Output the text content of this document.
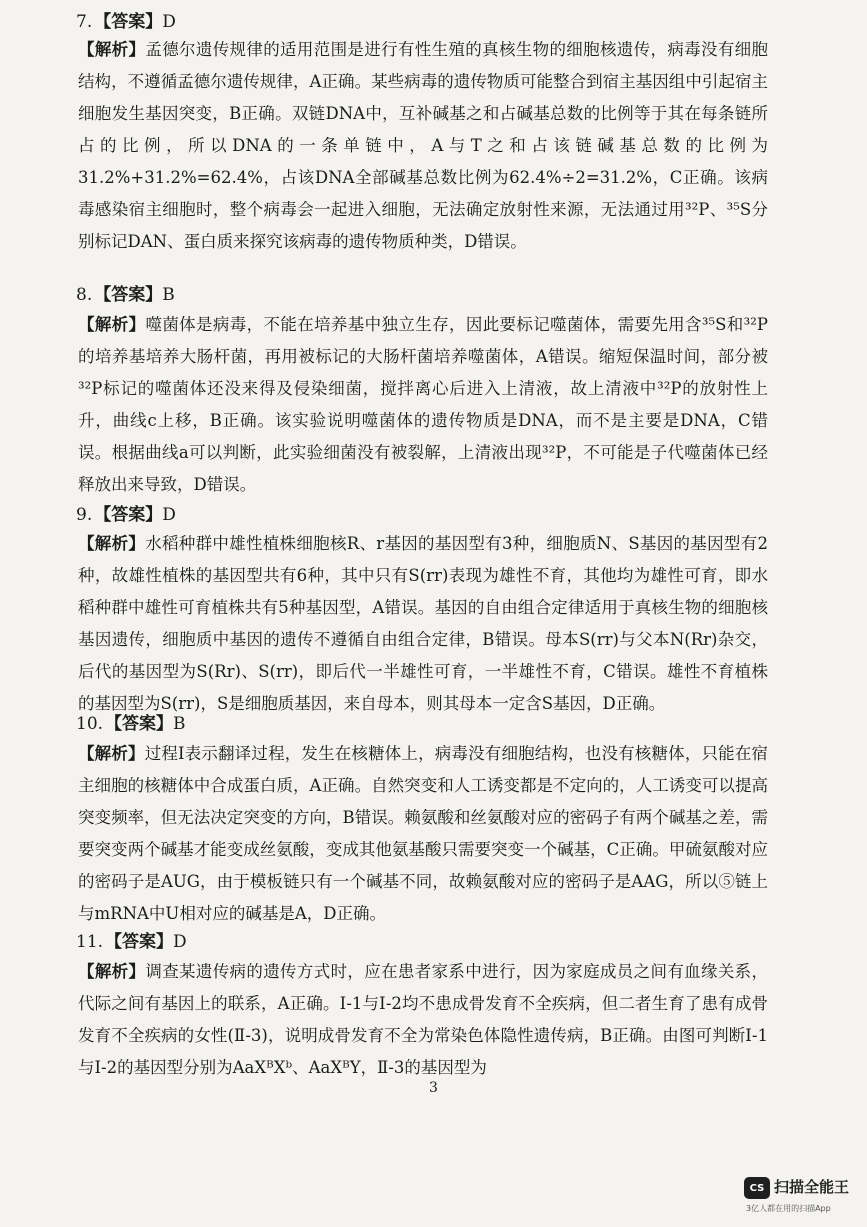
7. 【答案】D
【解析】孟德尔遗传规律的适用范围是进行有性生殖的真核生物的细胞核遗传，病毒没有细胞结构，不遵循孟德尔遗传规律，A正确。某些病毒的遗传物质可能整合到宿主基因组中引起宿主细胞发生基因突变，B正确。双链DNA中，互补碱基之和占碱基总数的比例等于其在每条链所占的比例，所以DNA的一条单链中，A与T之和占该链碱基总数的比例为31.2%+31.2%=62.4%，占该DNA全部碱基总数比例为62.4%÷2=31.2%，C正确。该病毒感染宿主细胞时，整个病毒会一起进入细胞，无法确定放射性来源，无法通过用³²P、³⁵S分别标记DAN、蛋白质来探究该病毒的遗传物质种类，D错误。
8. 【答案】B
【解析】噬菌体是病毒，不能在培养基中独立生存，因此要标记噬菌体，需要先用含³⁵S和³²P的培养基培养大肠杆菌，再用被标记的大肠杆菌培养噬菌体，A错误。缩短保温时间，部分被³²P标记的噬菌体还没来得及侵染细菌，搅拌离心后进入上清液，故上清液中³²P的放射性上升，曲线c上移，B正确。该实验说明噬菌体的遗传物质是DNA，而不是主要是DNA，C错误。根据曲线a可以判断，此实验细菌没有被裂解，上清液出现³²P，不可能是子代噬菌体已经释放出来导致，D错误。
9. 【答案】D
【解析】水稻种群中雄性植株细胞核R、r基因的基因型有3种，细胞质N、S基因的基因型有2种，故雄性植株的基因型共有6种，其中只有S(rr)表现为雄性不育，其他均为雄性可育，即水稻种群中雄性可育植株共有5种基因型，A错误。基因的自由组合定律适用于真核生物的细胞核基因遗传，细胞质中基因的遗传不遵循自由组合定律，B错误。母本S(rr)与父本N(Rr)杂交，后代的基因型为S(Rr)、S(rr)，即后代一半雄性可育，一半雄性不育，C错误。雄性不育植株的基因型为S(rr)，S是细胞质基因，来自母本，则其母本一定含S基因，D正确。
10. 【答案】B
【解析】过程Ⅰ表示翻译过程，发生在核糖体上，病毒没有细胞结构，也没有核糖体，只能在宿主细胞的核糖体中合成蛋白质，A正确。自然突变和人工诱变都是不定向的，人工诱变可以提高突变频率，但无法决定突变的方向，B错误。赖氨酸和丝氨酸对应的密码子有两个碱基之差，需要突变两个碱基才能变成丝氨酸，变成其他氨基酸只需要突变一个碱基，C正确。甲硫氨酸对应的密码子是AUG，由于模板链只有一个碱基不同，故赖氨酸对应的密码子是AAG，所以⑤链上与mRNA中U相对应的碱基是A，D正确。
11. 【答案】D
【解析】调查某遗传病的遗传方式时，应在患者家系中进行，因为家庭成员之间有血缘关系，代际之间有基因上的联系，A正确。Ⅰ-1与Ⅰ-2均不患成骨发育不全疾病，但二者生育了患有成骨发育不全疾病的女性(Ⅱ-3)，说明成骨发育不全为常染色体隐性遗传病，B正确。由图可判断Ⅰ-1与Ⅰ-2的基因型分别为AaXᴮXᵇ、AaXᴮY，Ⅱ-3的基因型为
3
CS 扫描全能王
3亿人都在用的扫描App
